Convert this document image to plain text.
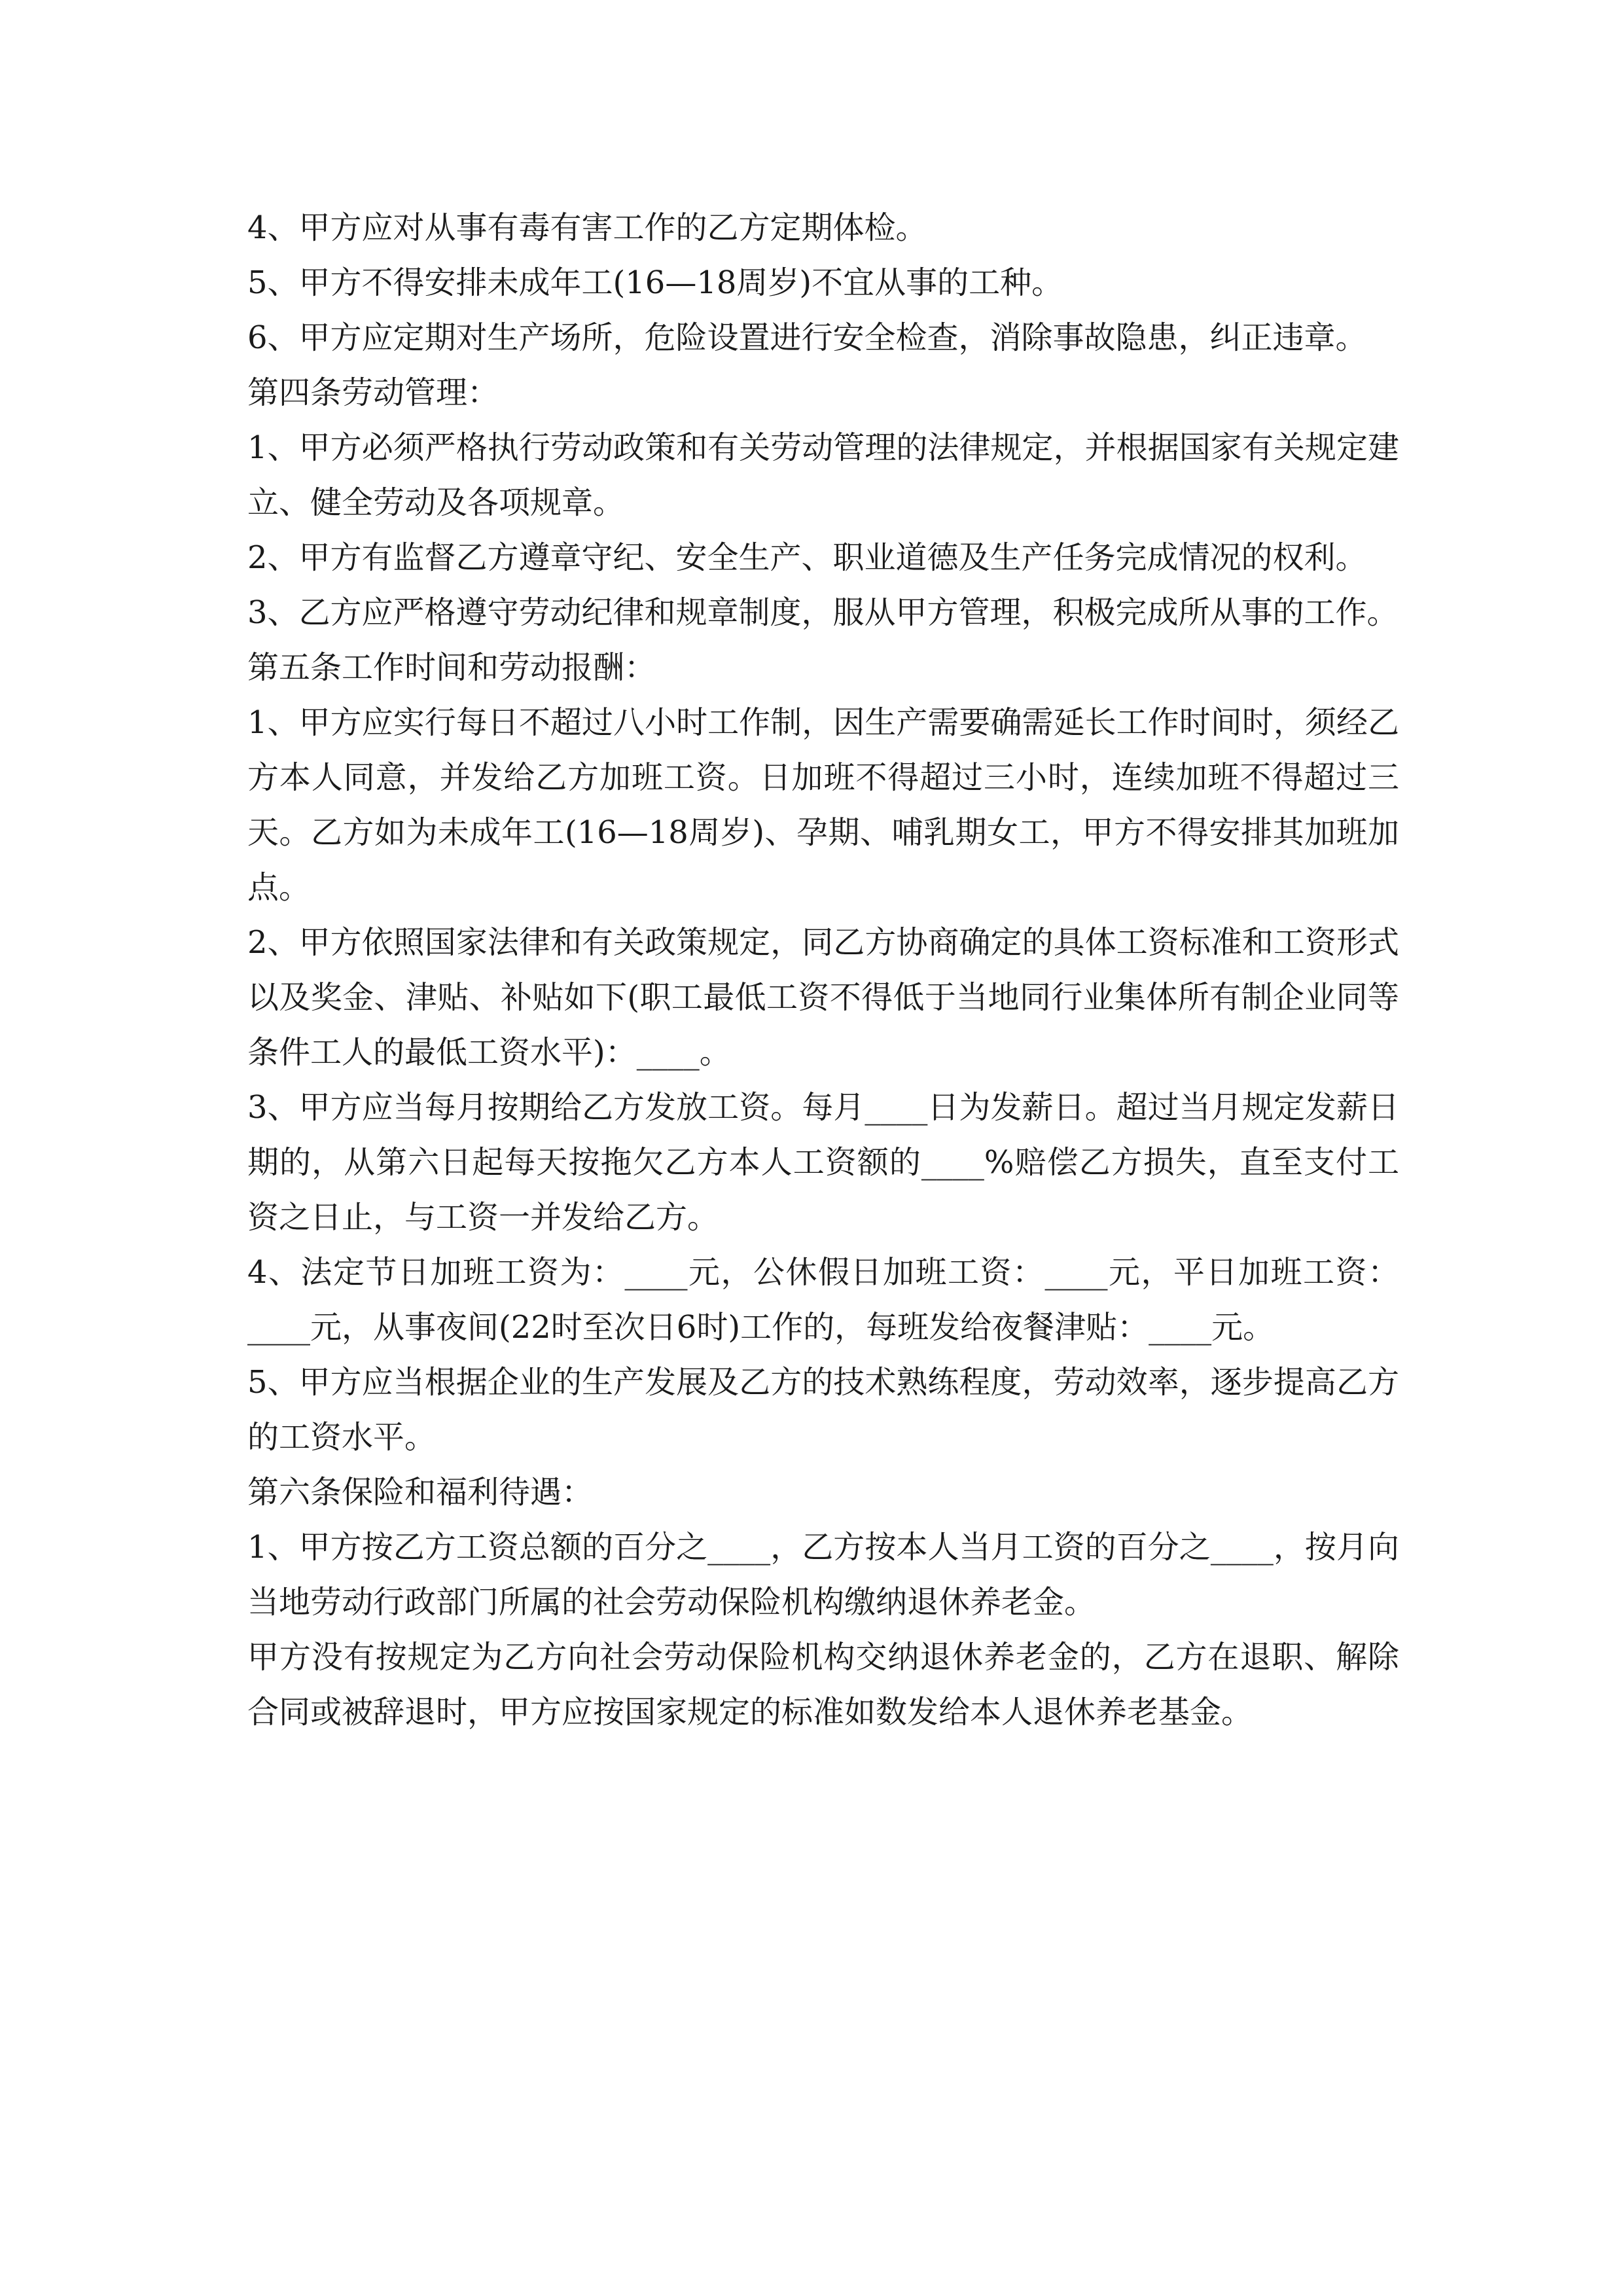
4、甲方应对从事有毒有害工作的乙方定期体检。

5、甲方不得安排未成年工(16—18周岁)不宜从事的工种。

6、甲方应定期对生产场所，危险设置进行安全检查，消除事故隐患，纠正违章。

第四条劳动管理：

1、甲方必须严格执行劳动政策和有关劳动管理的法律规定，并根据国家有关规定建立、健全劳动及各项规章。

2、甲方有监督乙方遵章守纪、安全生产、职业道德及生产任务完成情况的权利。

3、乙方应严格遵守劳动纪律和规章制度，服从甲方管理，积极完成所从事的工作。

第五条工作时间和劳动报酬：

1、甲方应实行每日不超过八小时工作制，因生产需要确需延长工作时间时，须经乙方本人同意，并发给乙方加班工资。日加班不得超过三小时，连续加班不得超过三天。乙方如为未成年工(16—18周岁)、孕期、哺乳期女工，甲方不得安排其加班加点。

2、甲方依照国家法律和有关政策规定，同乙方协商确定的具体工资标准和工资形式以及奖金、津贴、补贴如下(职工最低工资不得低于当地同行业集体所有制企业同等条件工人的最低工资水平)：____。

3、甲方应当每月按期给乙方发放工资。每月____日为发薪日。超过当月规定发薪日期的，从第六日起每天按拖欠乙方本人工资额的____%赔偿乙方损失，直至支付工资之日止，与工资一并发给乙方。

4、法定节日加班工资为：____元，公休假日加班工资：____元，平日加班工资：____元，从事夜间(22时至次日6时)工作的，每班发给夜餐津贴：____元。

5、甲方应当根据企业的生产发展及乙方的技术熟练程度，劳动效率，逐步提高乙方的工资水平。

第六条保险和福利待遇：

1、甲方按乙方工资总额的百分之____，乙方按本人当月工资的百分之____，按月向当地劳动行政部门所属的社会劳动保险机构缴纳退休养老金。

甲方没有按规定为乙方向社会劳动保险机构交纳退休养老金的，乙方在退职、解除合同或被辞退时，甲方应按国家规定的标准如数发给本人退休养老基金。
